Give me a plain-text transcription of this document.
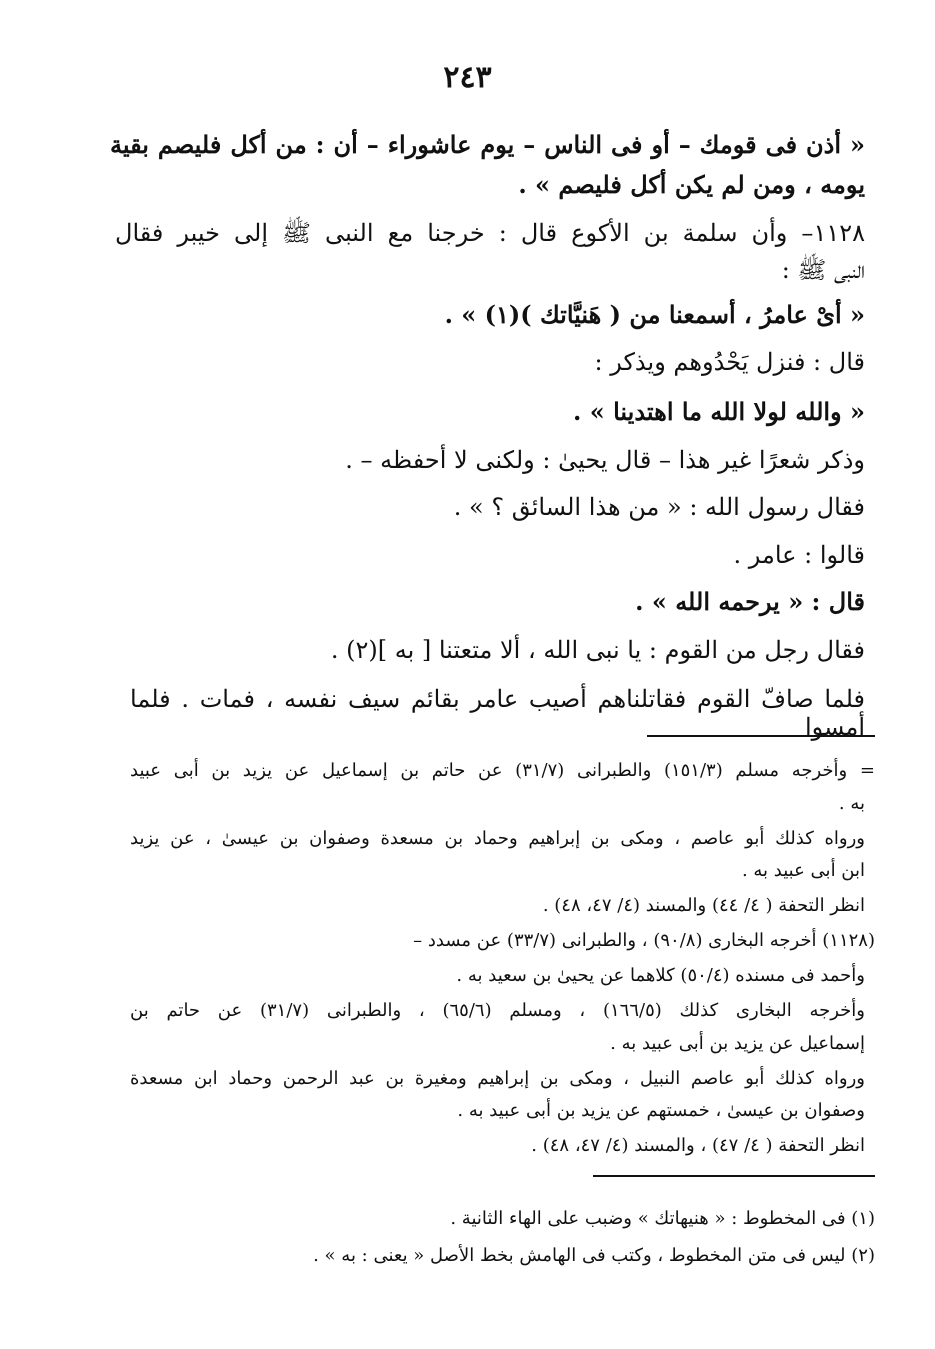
٢٤٣
« أذن فى قومك – أو فى الناس – يوم عاشوراء – أن : من أكل فليصم بقية
يومه ، ومن لم يكن أكل فليصم » .
١١٢٨– وأن سلمة بن الأكوع قال : خرجنا مع النبى ﷺ إلى خيبر فقال
النبى ﷺ :
« أىْ عامرُ ، أسمعنا من ( هَنيَّاتك )(١) » .
قال : فنزل يَحْدُوهم ويذكر :
« والله لولا الله ما اهتدينا » .
وذكر شعرًا غير هذا – قال يحيىٰ : ولكنى لا أحفظه – .
فقال رسول الله : « من هذا السائق ؟ » .
قالوا : عامر .
قال : « يرحمه الله » .
فقال رجل من القوم : يا نبى الله ، ألا متعتنا [ به ](٢) .
فلما صافّ القوم فقاتلناهم أصيب عامر بقائم سيف نفسه ، فمات . فلما أمسوا
= وأخرجه مسلم (١٥١/٣) والطبرانى (٣١/٧) عن حاتم بن إسماعيل عن يزيد بن أبى عبيد
به .
ورواه كذلك أبو عاصم ، ومكى بن إبراهيم وحماد بن مسعدة وصفوان بن عيسىٰ ، عن يزيد
ابن أبى عبيد به .
انظر التحفة ( ٤/ ٤٤) والمسند (٤/ ٤٧، ٤٨) .
(١١٢٨) أخرجه البخارى (٩٠/٨) ، والطبرانى (٣٣/٧) عن مسدد –
وأحمد فى مسنده (٥٠/٤) كلاهما عن يحيىٰ بن سعيد به .
وأخرجه البخارى كذلك (١٦٦/٥) ، ومسلم (٦٥/٦) ، والطبرانى (٣١/٧) عن حاتم بن
إسماعيل عن يزيد بن أبى عبيد به .
ورواه كذلك أبو عاصم النبيل ، ومكى بن إبراهيم ومغيرة بن عبد الرحمن وحماد ابن مسعدة
وصفوان بن عيسىٰ ، خمستهم عن يزيد بن أبى عبيد به .
انظر التحفة ( ٤/ ٤٧) ، والمسند (٤/ ٤٧، ٤٨) .
(١) فى المخطوط : « هنيهاتك » وضبب على الهاء الثانية .
(٢) ليس فى متن المخطوط ، وكتب فى الهامش بخط الأصل « يعنى : به » .
